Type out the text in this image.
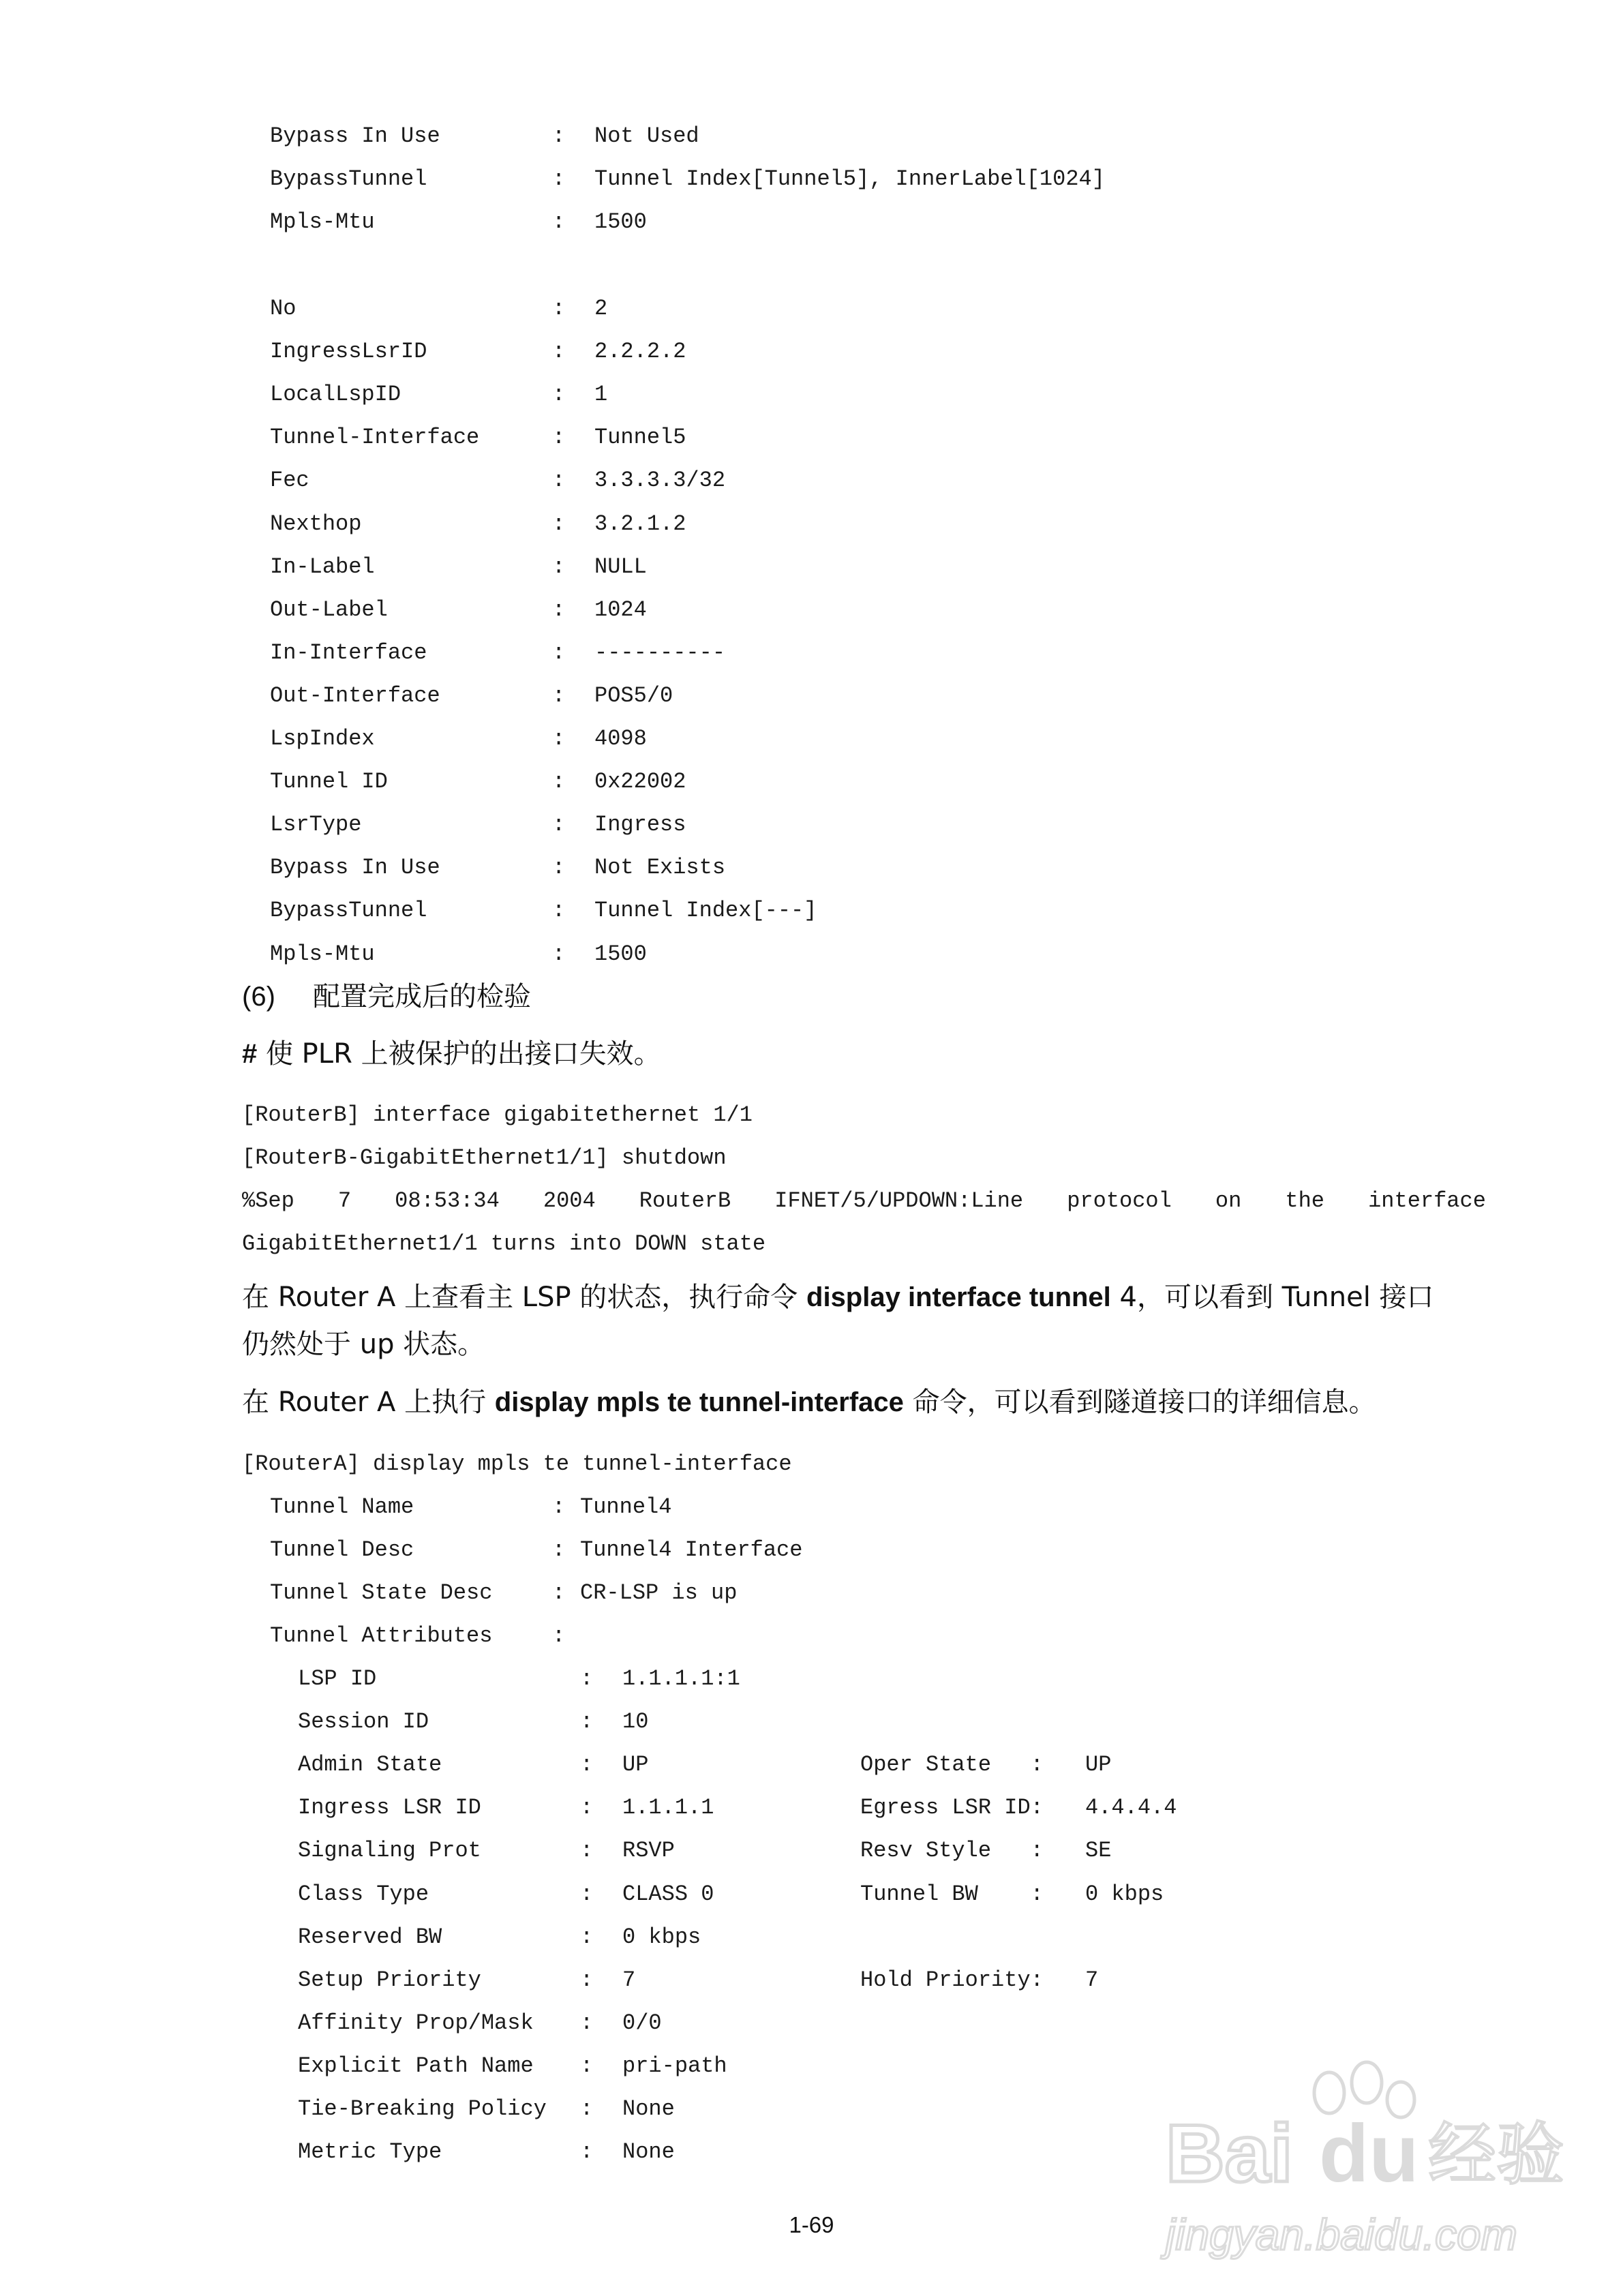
Bypass In Use	: Not Used
BypassTunnel	: Tunnel Index[Tunnel5], InnerLabel[1024]
Mpls-Mtu	: 1500
No	: 2
IngressLsrID	: 2.2.2.2
LocalLspID	: 1
Tunnel-Interface	: Tunnel5
Fec	: 3.3.3.3/32
Nexthop	: 3.2.1.2
In-Label	: NULL
Out-Label	: 1024
In-Interface	: ----------
Out-Interface	: POS5/0
LspIndex	: 4098
Tunnel ID	: 0x22002
LsrType	: Ingress
Bypass In Use	: Not Exists
BypassTunnel	: Tunnel Index[---]
Mpls-Mtu	: 1500
(6) 配置完成后的检验
# 使 PLR 上被保护的出接口失效。
[RouterB] interface gigabitethernet 1/1
[RouterB-GigabitEthernet1/1] shutdown
%Sep 7 08:53:34 2004 RouterB IFNET/5/UPDOWN:Line protocol on the interface
GigabitEthernet1/1 turns into DOWN state
在 Router A 上查看主 LSP 的状态，执行命令 display interface tunnel 4，可以看到 Tunnel 接口
仍然处于 up 状态。
在 Router A 上执行 display mpls te tunnel-interface 命令，可以看到隧道接口的详细信息。
[RouterA] display mpls te tunnel-interface
Tunnel Name	: Tunnel4
Tunnel Desc	: Tunnel4 Interface
Tunnel State Desc	: CR-LSP is up
Tunnel Attributes	:
LSP ID	: 1.1.1.1:1
Session ID	: 10
Admin State	: UP	Oper State   : UP
Ingress LSR ID	: 1.1.1.1	Egress LSR ID: 4.4.4.4
Signaling Prot	: RSVP	Resv Style   : SE
Class Type	: CLASS 0	Tunnel BW    : 0 kbps
Reserved BW	: 0 kbps
Setup Priority	: 7	Hold Priority: 7
Affinity Prop/Mask : 0/0
Explicit Path Name : pri-path
Tie-Breaking Policy : None
Metric Type	: None
1-69
Bai du 经验
jingyan.baidu.com
